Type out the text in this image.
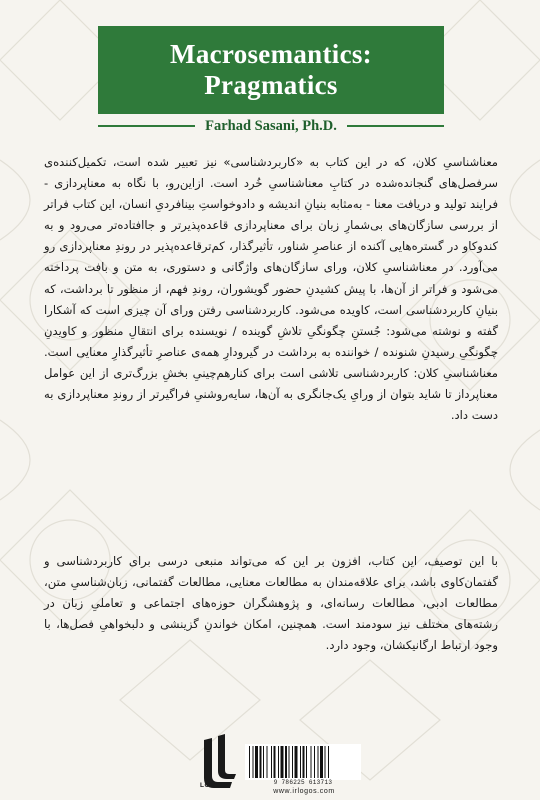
Macrosemantics:
Pragmatics
Farhad Sasani, Ph.D.
معناشناسیِ کلان، که در این کتاب به «کاربردشناسی» نیز تعبیر شده است، تکمیل‌کننده‌ی سرفصل‌های گنجانده‌شده در کتابِ معناشناسیِ خُرد است. ازاین‌رو، با نگاه به معناپردازی - فرایند تولید و دریافت معنا - به‌مثابه بنیانِ اندیشه و دادوخواستِ بینافردیِ انسان، این کتاب فراتر از بررسی سازگان‌های بی‌شمارِ زبان برای معناپردازی قاعده‌پذیرتر و جاافتاده‌تر می‌رود و به کندوکاو در گستره‌هایی آکنده از عناصرِ شناور، تأثیرگذار، کم‌ترقاعده‌پذیر در روندِ معناپردازی رو می‌آورد. در معناشناسیِ کلان، ورای سازگان‌های واژگانی و دستوری، به متن و بافت پرداخته می‌شود و فراتر از آن‌ها، با پیش کشیدنِ حضور گویشوران، روندِ فهم، از منظور تا برداشت، که بنیانِ کاربردشناسی است، کاویده می‌شود. کاربردشناسی رفتن ورای آن چیزی است که آشکارا گفته و نوشته می‌شود: جُستنِ چگونگیِ تلاشِ گوینده / نویسنده برای انتقالِ منظور و کاویدنِ چگونگیِ رسیدنِ شنونده / خواننده به برداشت در گیرودارِ همه‌ی عناصرِ تأثیرگذارِ معنایی است. معناشناسیِ کلان: کاربردشناسی تلاشی است برای کنارهم‌چینیِ بخشِ بزرگ‌تری از این عوامل معناپرداز تا شاید بتوان از ورایِ یک‌جانگری به آن‌ها، سایه‌روشنیِ فراگیرتر از روندِ معناپردازی به دست داد.
با این توصیف، این کتاب، افزون بر این که می‌تواند منبعی درسی برای کاربردشناسی و گفتمان‌کاوی باشد، برای علاقه‌مندان به مطالعات معنایی، مطالعات گفتمانی، زبان‌شناسیِ متن، مطالعات ادبی، مطالعات رسانه‌ای، و پژوهشگران حوزه‌های اجتماعی و تعاملیِ زبان در رشته‌های مختلف نیز سودمند است. همچنین، امکان خواندنِ گزینشی و دلبخواهیِ فصل‌ها، با وجود ارتباط ارگانیکشان، وجود دارد.
LOGOS	9 786225 613713
www.irlogos.com
